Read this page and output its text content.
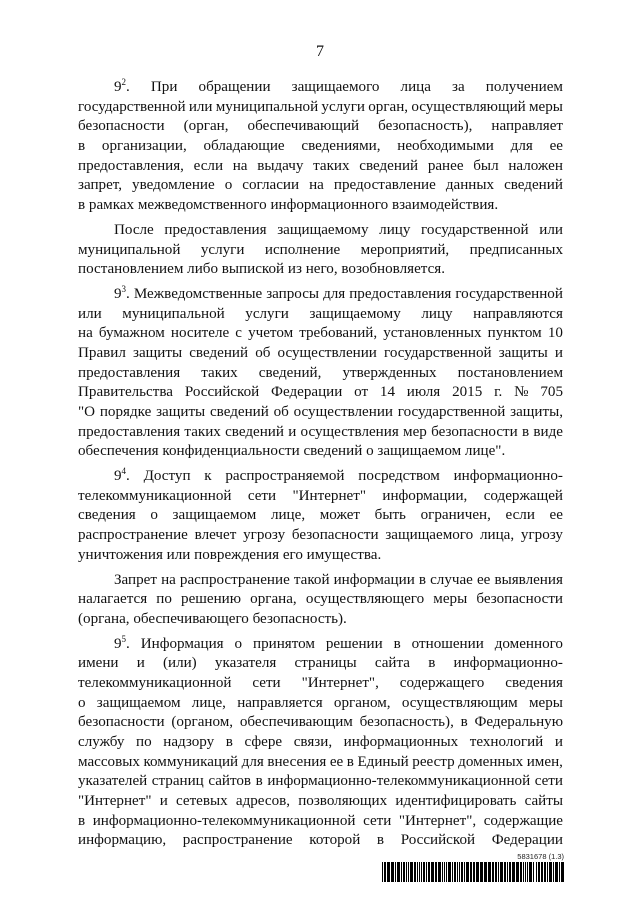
7
$9^2$. При обращении защищаемого лица за получением
государственной или муниципальной услуги орган, осуществляющий меры
безопасности (орган, обеспечивающий безопасность), направляет
в организации, обладающие сведениями, необходимыми для ее
предоставления, если на выдачу таких сведений ранее был наложен
запрет, уведомление о согласии на предоставление данных сведений
в рамках межведомственного информационного взаимодействия.
После предоставления защищаемому лицу государственной или
муниципальной услуги исполнение мероприятий, предписанных
постановлением либо выпиской из него, возобновляется.
$9^3$. Межведомственные запросы для предоставления государственной
или муниципальной услуги защищаемому лицу направляются
на бумажном носителе с учетом требований, установленных пунктом 10
Правил защиты сведений об осуществлении государственной защиты и
предоставления таких сведений, утвержденных постановлением
Правительства Российской Федерации от 14 июля 2015 г. № 705
"О порядке защиты сведений об осуществлении государственной защиты,
предоставления таких сведений и осуществления мер безопасности в виде
обеспечения конфиденциальности сведений о защищаемом лице".
$9^4$. Доступ к распространяемой посредством информационно-
телекоммуникационной сети "Интернет" информации, содержащей
сведения о защищаемом лице, может быть ограничен, если ее
распространение влечет угрозу безопасности защищаемого лица, угрозу
уничтожения или повреждения его имущества.
Запрет на распространение такой информации в случае ее выявления
налагается по решению органа, осуществляющего меры безопасности
(органа, обеспечивающего безопасность).
$9^5$. Информация о принятом решении в отношении доменного
имени и (или) указателя страницы сайта в информационно-
телекоммуникационной сети "Интернет", содержащего сведения
о защищаемом лице, направляется органом, осуществляющим меры
безопасности (органом, обеспечивающим безопасность), в Федеральную
службу по надзору в сфере связи, информационных технологий и
массовых коммуникаций для внесения ее в Единый реестр доменных имен,
указателей страниц сайтов в информационно-телекоммуникационной сети
"Интернет" и сетевых адресов, позволяющих идентифицировать сайты
в информационно-телекоммуникационной сети "Интернет", содержащие
информацию, распространение которой в Российской Федерации
5831678 (1.3)
